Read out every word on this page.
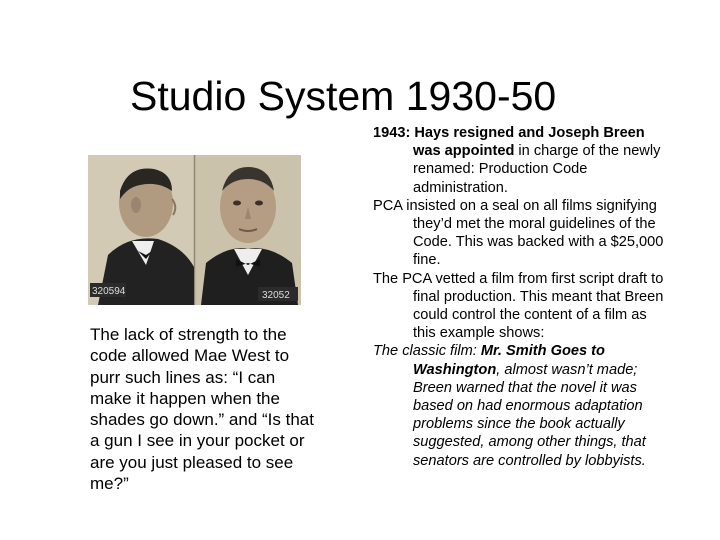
Studio System 1930-50
320594	32052
The lack of strength to the code allowed Mae West to purr such lines as: “I can make it happen when the shades go down.” and “Is that a gun I see in your pocket or are you just pleased to see me?”
1943: Hays resigned and Joseph Breen was appointed in charge of the newly renamed: Production Code administration.
PCA insisted on a seal on all films signifying they’d met the moral guidelines of the Code. This was backed with a $25,000 fine.
The PCA vetted a film from first script draft to final production. This meant that Breen could control the content of a film as this example shows:
The classic film: Mr. Smith Goes to Washington, almost wasn’t made; Breen warned that the novel it was based on had enormous adaptation problems since the book actually suggested, among other things, that senators are controlled by lobbyists.
